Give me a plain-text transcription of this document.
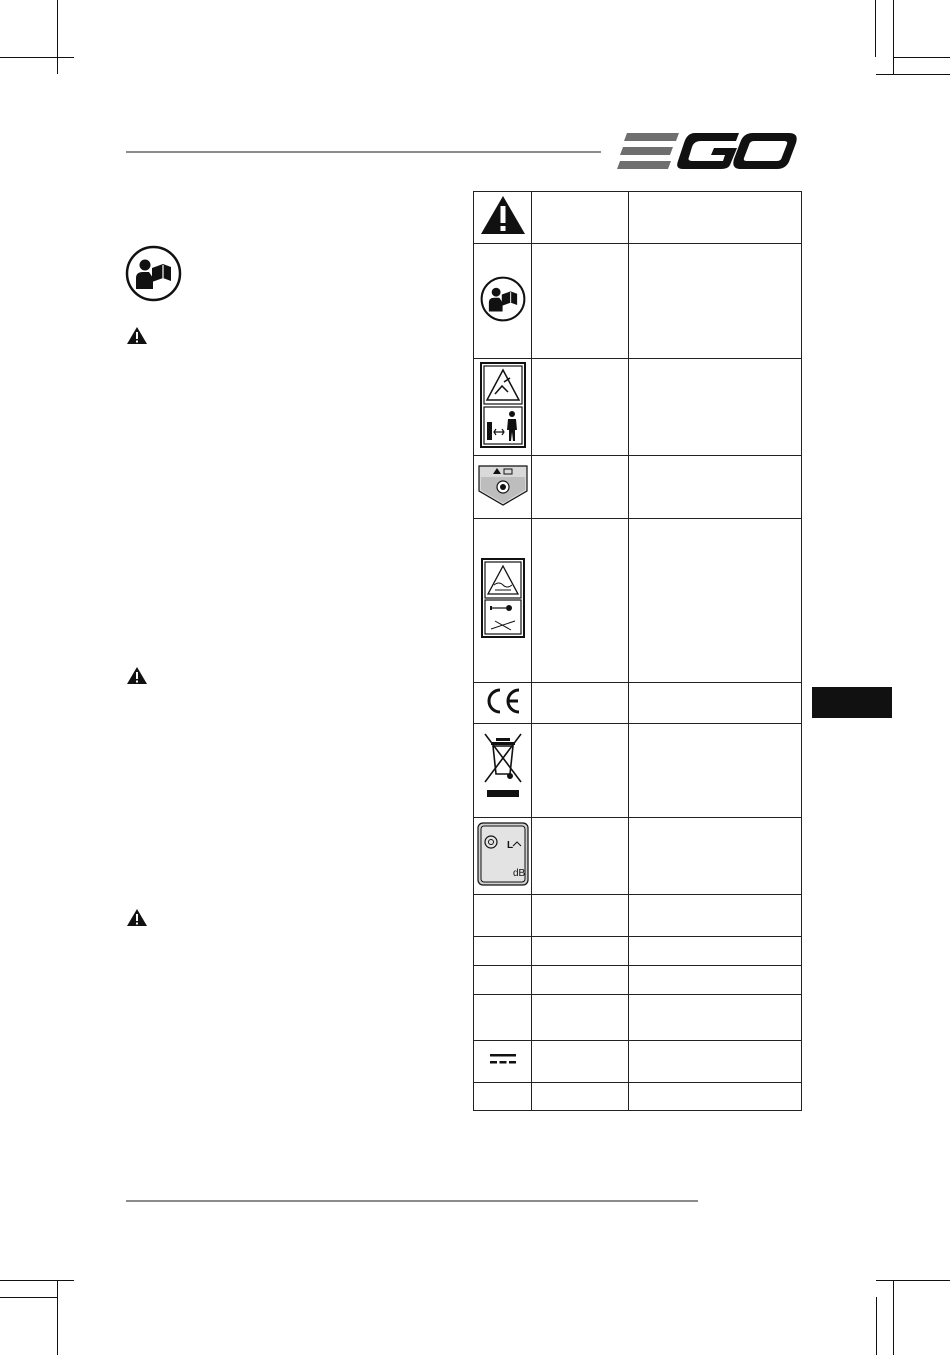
L
dB		
